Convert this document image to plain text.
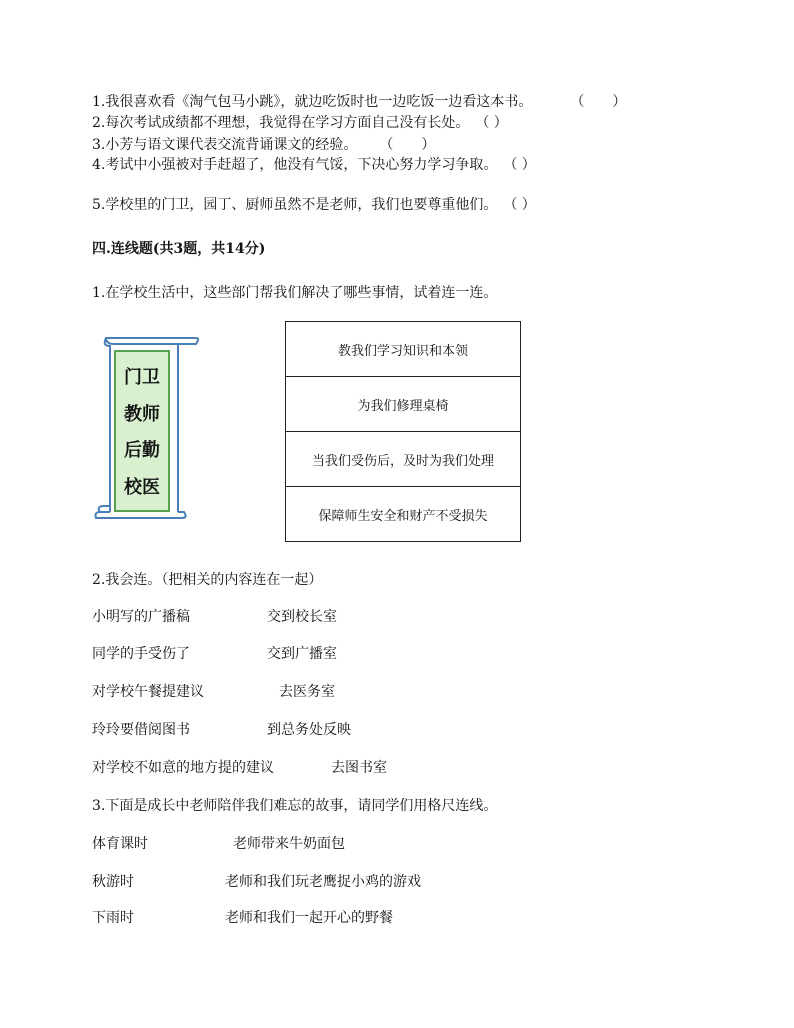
1.我很喜欢看《淘气包马小跳》，就边吃饭时也一边吃饭一边看这本书。	（　　）
2.每次考试成绩都不理想，我觉得在学习方面自己没有长处。 （ ）
3.小芳与语文课代表交流背诵课文的经验。 （　　）
4.考试中小强被对手赶超了，他没有气馁，下决心努力学习争取。 （ ）
5.学校里的门卫，园丁、厨师虽然不是老师，我们也要尊重他们。 （ ）
四.连线题(共3题，共14分)
1.在学校生活中，这些部门帮我们解决了哪些事情，试着连一连。
门卫
教师
后勤
校医
教我们学习知识和本领
为我们修理桌椅
当我们受伤后，及时为我们处理
保障师生安全和财产不受损失
2.我会连。（把相关的内容连在一起）
小明写的广播稿	交到校长室
同学的手受伤了	交到广播室
对学校午餐提建议	去医务室
玲玲要借阅图书	到总务处反映
对学校不如意的地方提的建议	去图书室
3.下面是成长中老师陪伴我们难忘的故事，请同学们用格尺连线。
体育课时	老师带来牛奶面包
秋游时	老师和我们玩老鹰捉小鸡的游戏
下雨时	老师和我们一起开心的野餐
